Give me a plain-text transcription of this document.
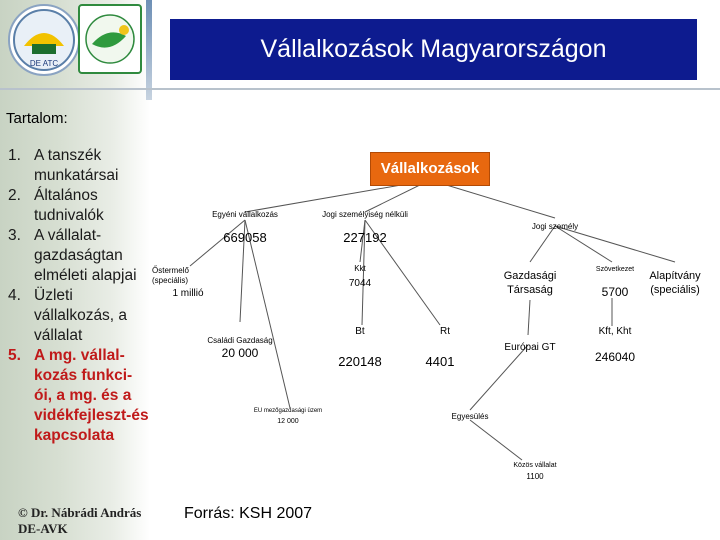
DE ATC
Vállalkozások Magyarországon
Tartalom:
1. A tanszék munkatársai
2. Általános tudnivalók
3. A vállalat-gazdaságtan elméleti alapjai
4. Üzleti vállalkozás, a vállalat
5. A mg. vállal-kozás funkci-ói, a mg. és a vidékfejleszt-és kapcsolata
© Dr. Nábrádi András
DE-AVK
Vállalkozások
Egyéni vállalkozás
669058
Jogi személyiség nélküli
227192
Jogi személy
Őstermelő
(speciális)
1 millió
Kkt
7044
Gazdasági
Társaság
Szövetkezet
5700
Alapítvány
(speciális)
Családi Gazdaság
20 000
Bt
220148
Rt
4401
Európai GT
Kft, Kht
246040
EU mezőgazdasági üzem
12 000
Egyesülés
Közös vállalat
1100
Forrás: KSH 2007
